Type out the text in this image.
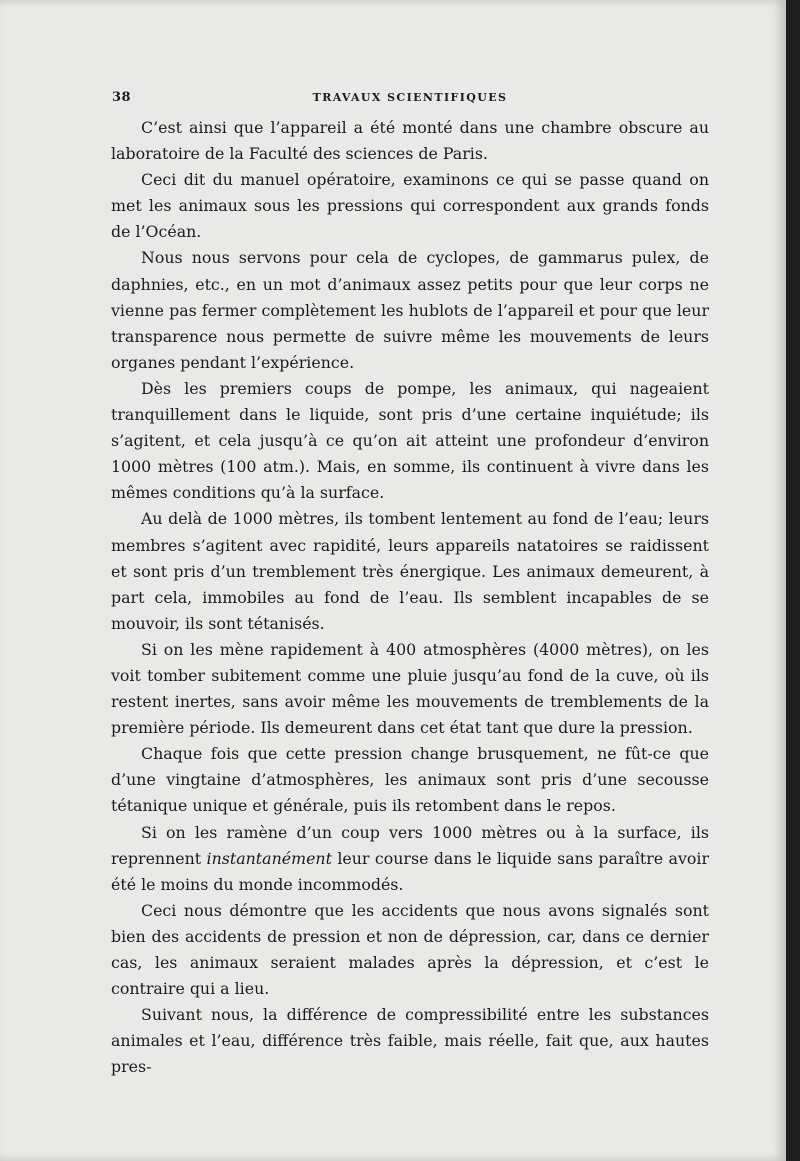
38	TRAVAUX SCIENTIFIQUES

C’est ainsi que l’appareil a été monté dans une chambre obscure au laboratoire de la Faculté des sciences de Paris.

Ceci dit du manuel opératoire, examinons ce qui se passe quand on met les animaux sous les pressions qui correspondent aux grands fonds de l’Océan.

Nous nous servons pour cela de cyclopes, de gammarus pulex, de daphnies, etc., en un mot d’animaux assez petits pour que leur corps ne vienne pas fermer complètement les hublots de l’appareil et pour que leur transparence nous permette de suivre même les mouvements de leurs organes pendant l’expérience.

Dès les premiers coups de pompe, les animaux, qui nageaient tranquillement dans le liquide, sont pris d’une certaine inquiétude; ils s’agitent, et cela jusqu’à ce qu’on ait atteint une profondeur d’environ 1000 mètres (100 atm.). Mais, en somme, ils continuent à vivre dans les mêmes conditions qu’à la surface.

Au delà de 1000 mètres, ils tombent lentement au fond de l’eau; leurs membres s’agitent avec rapidité, leurs appareils natatoires se raidissent et sont pris d’un tremblement très énergique. Les animaux demeurent, à part cela, immobiles au fond de l’eau. Ils semblent incapables de se mouvoir, ils sont tétanisés.

Si on les mène rapidement à 400 atmosphères (4000 mètres), on les voit tomber subitement comme une pluie jusqu’au fond de la cuve, où ils restent inertes, sans avoir même les mouvements de tremblements de la première période. Ils demeurent dans cet état tant que dure la pression.

Chaque fois que cette pression change brusquement, ne fût-ce que d’une vingtaine d’atmosphères, les animaux sont pris d’une secousse tétanique unique et générale, puis ils retombent dans le repos.

Si on les ramène d’un coup vers 1000 mètres ou à la surface, ils reprennent instantanément leur course dans le liquide sans paraître avoir été le moins du monde incommodés.

Ceci nous démontre que les accidents que nous avons signalés sont bien des accidents de pression et non de dépression, car, dans ce dernier cas, les animaux seraient malades après la dépression, et c’est le contraire qui a lieu.

Suivant nous, la différence de compressibilité entre les substances animales et l’eau, différence très faible, mais réelle, fait que, aux hautes pres-
